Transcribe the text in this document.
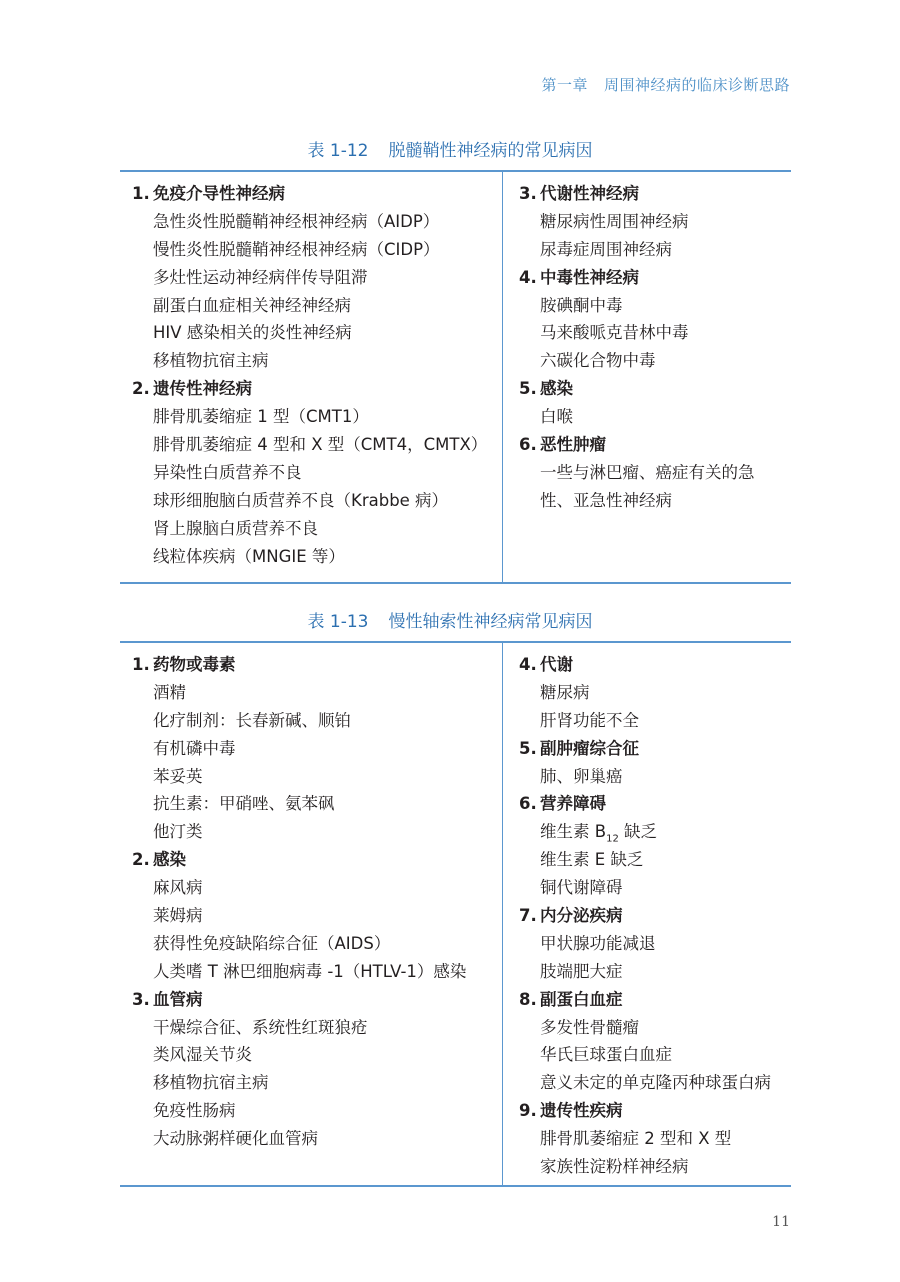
第一章 周围神经病的临床诊断思路
表 1-12 脱髓鞘性神经病的常见病因
1. 免疫介导性神经病
急性炎性脱髓鞘神经根神经病（AIDP）
慢性炎性脱髓鞘神经根神经病（CIDP）
多灶性运动神经病伴传导阻滞
副蛋白血症相关神经神经病
HIV 感染相关的炎性神经病
移植物抗宿主病
2. 遗传性神经病
腓骨肌萎缩症 1 型（CMT1）
腓骨肌萎缩症 4 型和 X 型（CMT4，CMTX）
异染性白质营养不良
球形细胞脑白质营养不良（Krabbe 病）
肾上腺脑白质营养不良
线粒体疾病（MNGIE 等）
3. 代谢性神经病
糖尿病性周围神经病
尿毒症周围神经病
4. 中毒性神经病
胺碘酮中毒
马来酸哌克昔林中毒
六碳化合物中毒
5. 感染
白喉
6. 恶性肿瘤
一些与淋巴瘤、癌症有关的急
性、亚急性神经病
表 1-13 慢性轴索性神经病常见病因
1. 药物或毒素
酒精
化疗制剂：长春新碱、顺铂
有机磷中毒
苯妥英
抗生素：甲硝唑、氨苯砜
他汀类
2. 感染
麻风病
莱姆病
获得性免疫缺陷综合征（AIDS）
人类嗜 T 淋巴细胞病毒 -1（HTLV-1）感染
3. 血管病
干燥综合征、系统性红斑狼疮
类风湿关节炎
移植物抗宿主病
免疫性肠病
大动脉粥样硬化血管病
4. 代谢
糖尿病
肝肾功能不全
5. 副肿瘤综合征
肺、卵巢癌
6. 营养障碍
维生素 $B_{12}$ 缺乏
维生素 E 缺乏
铜代谢障碍
7. 内分泌疾病
甲状腺功能减退
肢端肥大症
8. 副蛋白血症
多发性骨髓瘤
华氏巨球蛋白血症
意义未定的单克隆丙种球蛋白病
9. 遗传性疾病
腓骨肌萎缩症 2 型和 X 型
家族性淀粉样神经病
11
